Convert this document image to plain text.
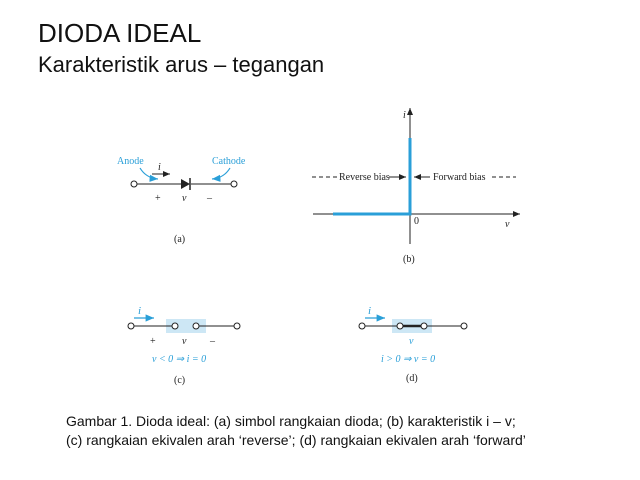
DIODA IDEAL
Karakteristik arus – tegangan
Anode	Cathode
i
+ v –
(a)
i
v
0
Reverse bias	Forward bias
(b)
i
+	v –
v < 0 ⇒ i = 0
(c)
i
v
i > 0 ⇒ v = 0
(d)
Gambar 1. Dioda ideal: (a) simbol rangkaian dioda; (b) karakteristik i – v;
(c) rangkaian ekivalen arah ‘reverse’; (d) rangkaian ekivalen arah ‘forward’
